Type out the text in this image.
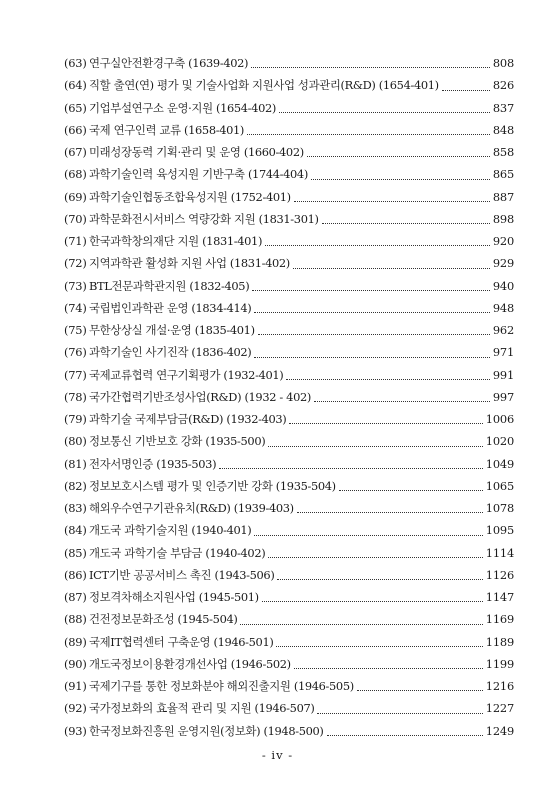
(63) 연구실안전환경구축 (1639-402)	808
(64) 직할 출연(연) 평가 및 기술사업화 지원사업 성과관리(R&D) (1654-401)	826
(65) 기업부설연구소 운영·지원 (1654-402)	837
(66) 국제 연구인력 교류 (1658-401)	848
(67) 미래성장동력 기획·관리 및 운영 (1660-402)	858
(68) 과학기술인력 육성지원 기반구축 (1744-404)	865
(69) 과학기술인협동조합육성지원 (1752-401)	887
(70) 과학문화전시서비스 역량강화 지원 (1831-301)	898
(71) 한국과학창의재단 지원 (1831-401)	920
(72) 지역과학관 활성화 지원 사업 (1831-402)	929
(73) BTL전문과학관지원 (1832-405)	940
(74) 국립법인과학관 운영 (1834-414)	948
(75) 무한상상실 개설·운영 (1835-401)	962
(76) 과학기술인 사기진작 (1836-402)	971
(77) 국제교류협력 연구기획평가 (1932-401)	991
(78) 국가간협력기반조성사업(R&D) (1932 - 402)	997
(79) 과학기술 국제부담금(R&D) (1932-403)	1006
(80) 정보통신 기반보호 강화 (1935-500)	1020
(81) 전자서명인증 (1935-503)	1049
(82) 정보보호시스템 평가 및 인증기반 강화 (1935-504)	1065
(83) 해외우수연구기관유치(R&D) (1939-403)	1078
(84) 개도국 과학기술지원 (1940-401)	1095
(85) 개도국 과학기술 부담금 (1940-402)	1114
(86) ICT기반 공공서비스 촉진 (1943-506)	1126
(87) 정보격차해소지원사업 (1945-501)	1147
(88) 건전정보문화조성 (1945-504)	1169
(89) 국제IT협력센터 구축운영 (1946-501)	1189
(90) 개도국정보이용환경개선사업 (1946-502)	1199
(91) 국제기구를 통한 정보화분야 해외진출지원 (1946-505)	1216
(92) 국가정보화의 효율적 관리 및 지원 (1946-507)	1227
(93) 한국정보화진흥원 운영지원(정보화) (1948-500)	1249
- iv -
